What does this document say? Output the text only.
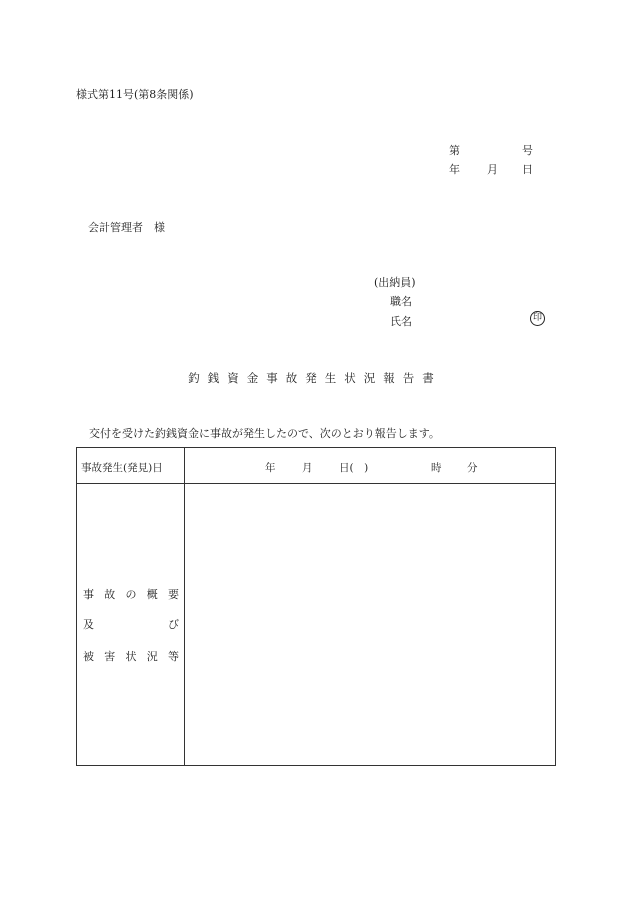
様式第11号(第8条関係)
第	号
年 月 日
会計管理者　様
(出納員)
職名
氏名	印
釣銭資金事故発生状況報告書
交付を受けた釣銭資金に事故が発生したので、次のとおり報告します。
事故発生(発見)日	年	月	日(　)	時 分
事 故 の 概 要
及	び
被 害 状 況 等
